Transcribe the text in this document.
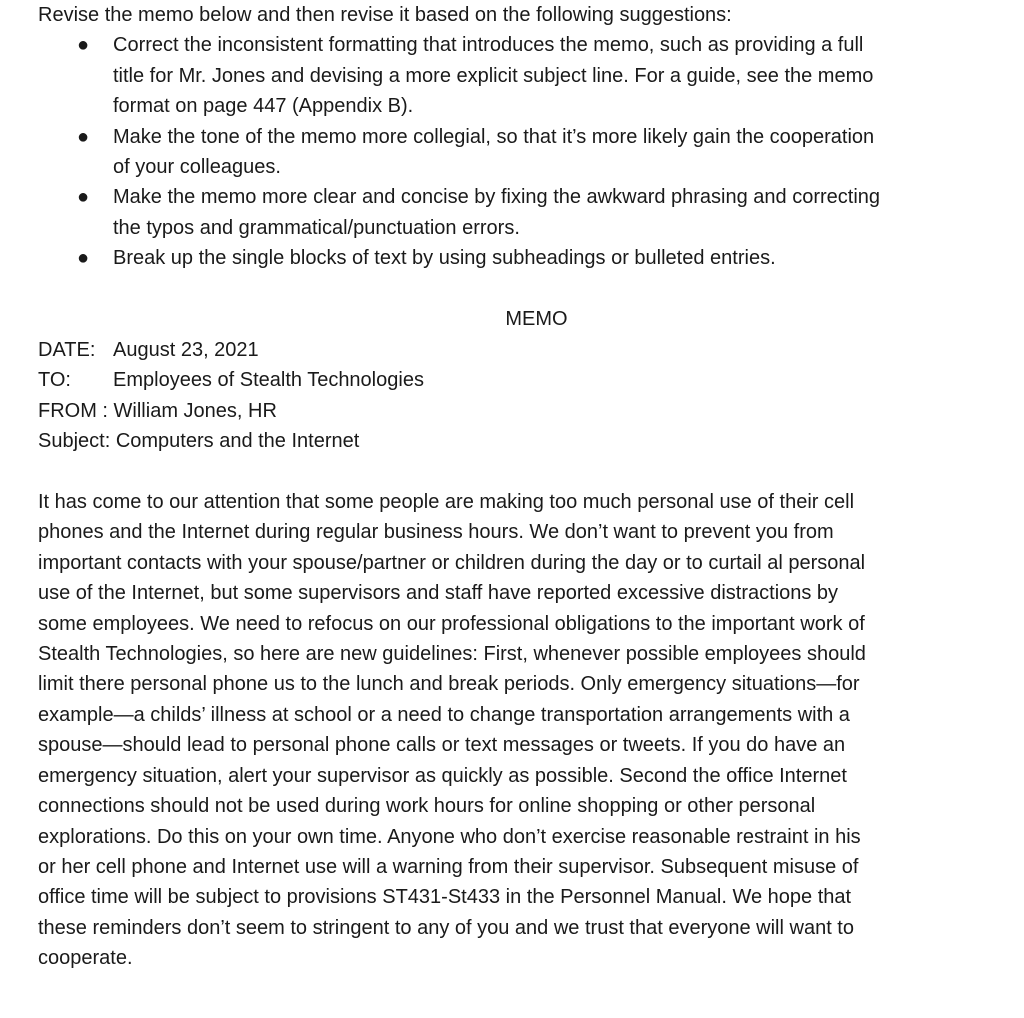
Revise the memo below and then revise it based on the following suggestions:
● Correct the inconsistent formatting that introduces the memo, such as providing a full
title for Mr. Jones and devising a more explicit subject line. For a guide, see the memo
format on page 447 (Appendix B).
● Make the tone of the memo more collegial, so that it’s more likely gain the cooperation
of your colleagues.
● Make the memo more clear and concise by fixing the awkward phrasing and correcting
the typos and grammatical/punctuation errors.
● Break up the single blocks of text by using subheadings or bulleted entries.
MEMO
DATE: August 23, 2021
TO: Employees of Stealth Technologies
FROM : William Jones, HR
Subject: Computers and the Internet
It has come to our attention that some people are making too much personal use of their cell
phones and the Internet during regular business hours. We don’t want to prevent you from
important contacts with your spouse/partner or children during the day or to curtail al personal
use of the Internet, but some supervisors and staff have reported excessive distractions by
some employees. We need to refocus on our professional obligations to the important work of
Stealth Technologies, so here are new guidelines: First, whenever possible employees should
limit there personal phone us to the lunch and break periods. Only emergency situations—for
example—a childs’ illness at school or a need to change transportation arrangements with a
spouse—should lead to personal phone calls or text messages or tweets. If you do have an
emergency situation, alert your supervisor as quickly as possible. Second the office Internet
connections should not be used during work hours for online shopping or other personal
explorations. Do this on your own time. Anyone who don’t exercise reasonable restraint in his
or her cell phone and Internet use will a warning from their supervisor. Subsequent misuse of
office time will be subject to provisions ST431-St433 in the Personnel Manual. We hope that
these reminders don’t seem to stringent to any of you and we trust that everyone will want to
cooperate.
